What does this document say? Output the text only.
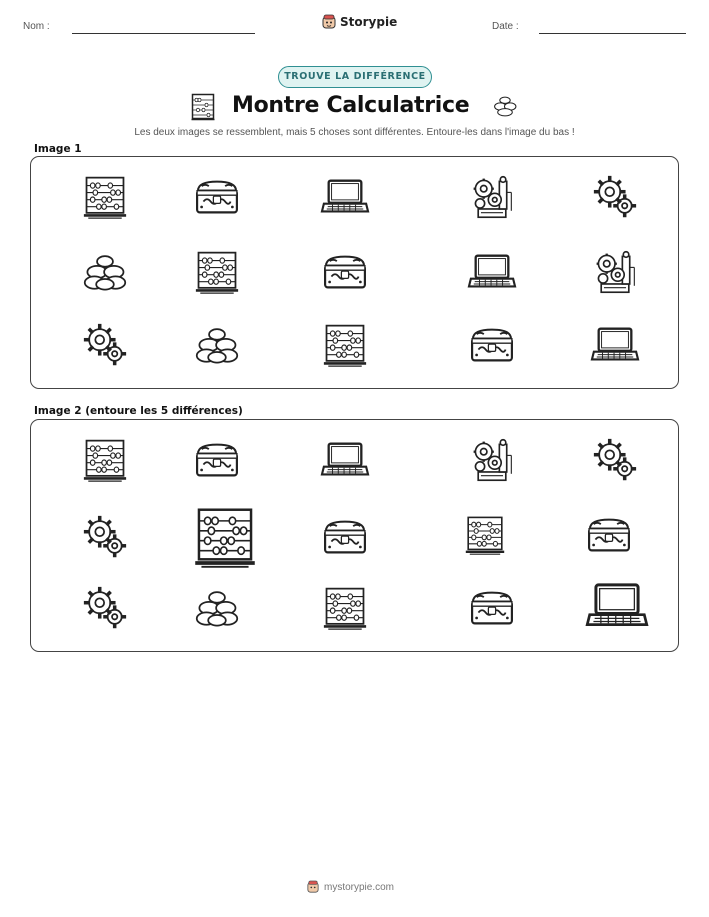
Nom :	Storypie	Date :
TROUVE LA DIFFÉRENCE
Montre Calculatrice
Les deux images se ressemblent, mais 5 choses sont différentes. Entoure-les dans l'image du bas !
Image 1
Image 2 (entoure les 5 différences)
mystorypie.com
